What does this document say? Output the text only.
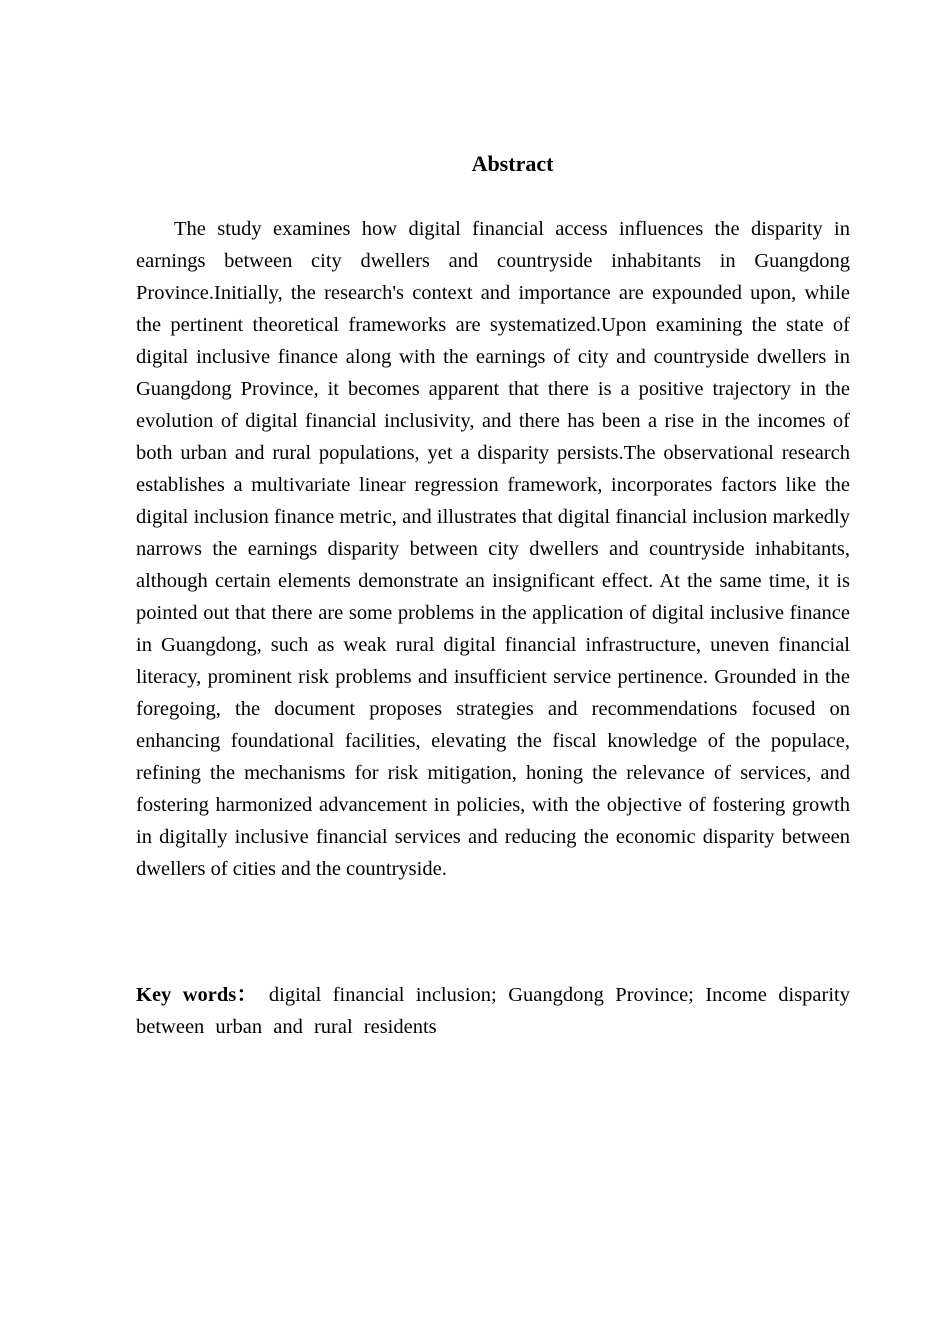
Abstract

The study examines how digital financial access influences the disparity in earnings between city dwellers and countryside inhabitants in Guangdong Province.Initially, the research's context and importance are expounded upon, while the pertinent theoretical frameworks are systematized.Upon examining the state of digital inclusive finance along with the earnings of city and countryside dwellers in Guangdong Province, it becomes apparent that there is a positive trajectory in the evolution of digital financial inclusivity, and there has been a rise in the incomes of both urban and rural populations, yet a disparity persists.The observational research establishes a multivariate linear regression framework, incorporates factors like the digital inclusion finance metric, and illustrates that digital financial inclusion markedly narrows the earnings disparity between city dwellers and countryside inhabitants, although certain elements demonstrate an insignificant effect. At the same time, it is pointed out that there are some problems in the application of digital inclusive finance in Guangdong, such as weak rural digital financial infrastructure, uneven financial literacy, prominent risk problems and insufficient service pertinence. Grounded in the foregoing, the document proposes strategies and recommendations focused on enhancing foundational facilities, elevating the fiscal knowledge of the populace, refining the mechanisms for risk mitigation, honing the relevance of services, and fostering harmonized advancement in policies, with the objective of fostering growth in digitally inclusive financial services and reducing the economic disparity between dwellers of cities and the countryside.

Key words： digital financial inclusion; Guangdong Province; Income disparity between urban and rural residents
